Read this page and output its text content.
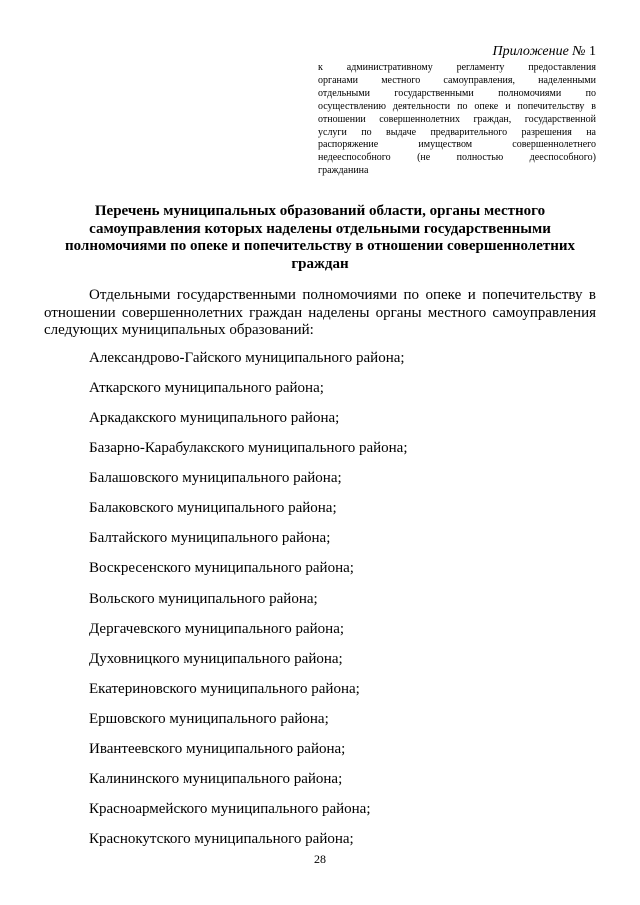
Приложение № 1
к административному регламенту предоставления
органами местного самоуправления, наделенными
отдельными государственными полномочиями по
осуществлению деятельности по опеке и попечительству в
отношении совершеннолетних граждан, государственной
услуги по выдаче предварительного разрешения на
распоряжение имуществом совершеннолетнего
недееспособного (не полностью дееспособного)
гражданина
Перечень муниципальных образований области, органы местного самоуправления которых наделены отдельными государственными полномочиями по опеке и попечительству в отношении совершеннолетних граждан
Отдельными государственными полномочиями по опеке и попечительству в отношении совершеннолетних граждан наделены органы местного самоуправления следующих муниципальных образований:
Александрово-Гайского муниципального района;
Аткарского муниципального района;
Аркадакского муниципального района;
Базарно-Карабулакского муниципального района;
Балашовского муниципального района;
Балаковского муниципального района;
Балтайского муниципального района;
Воскресенского муниципального района;
Вольского муниципального района;
Дергачевского муниципального района;
Духовницкого муниципального района;
Екатериновского муниципального района;
Ершовского муниципального района;
Ивантеевского муниципального района;
Калининского муниципального района;
Красноармейского муниципального района;
Краснокутского муниципального района;
28
